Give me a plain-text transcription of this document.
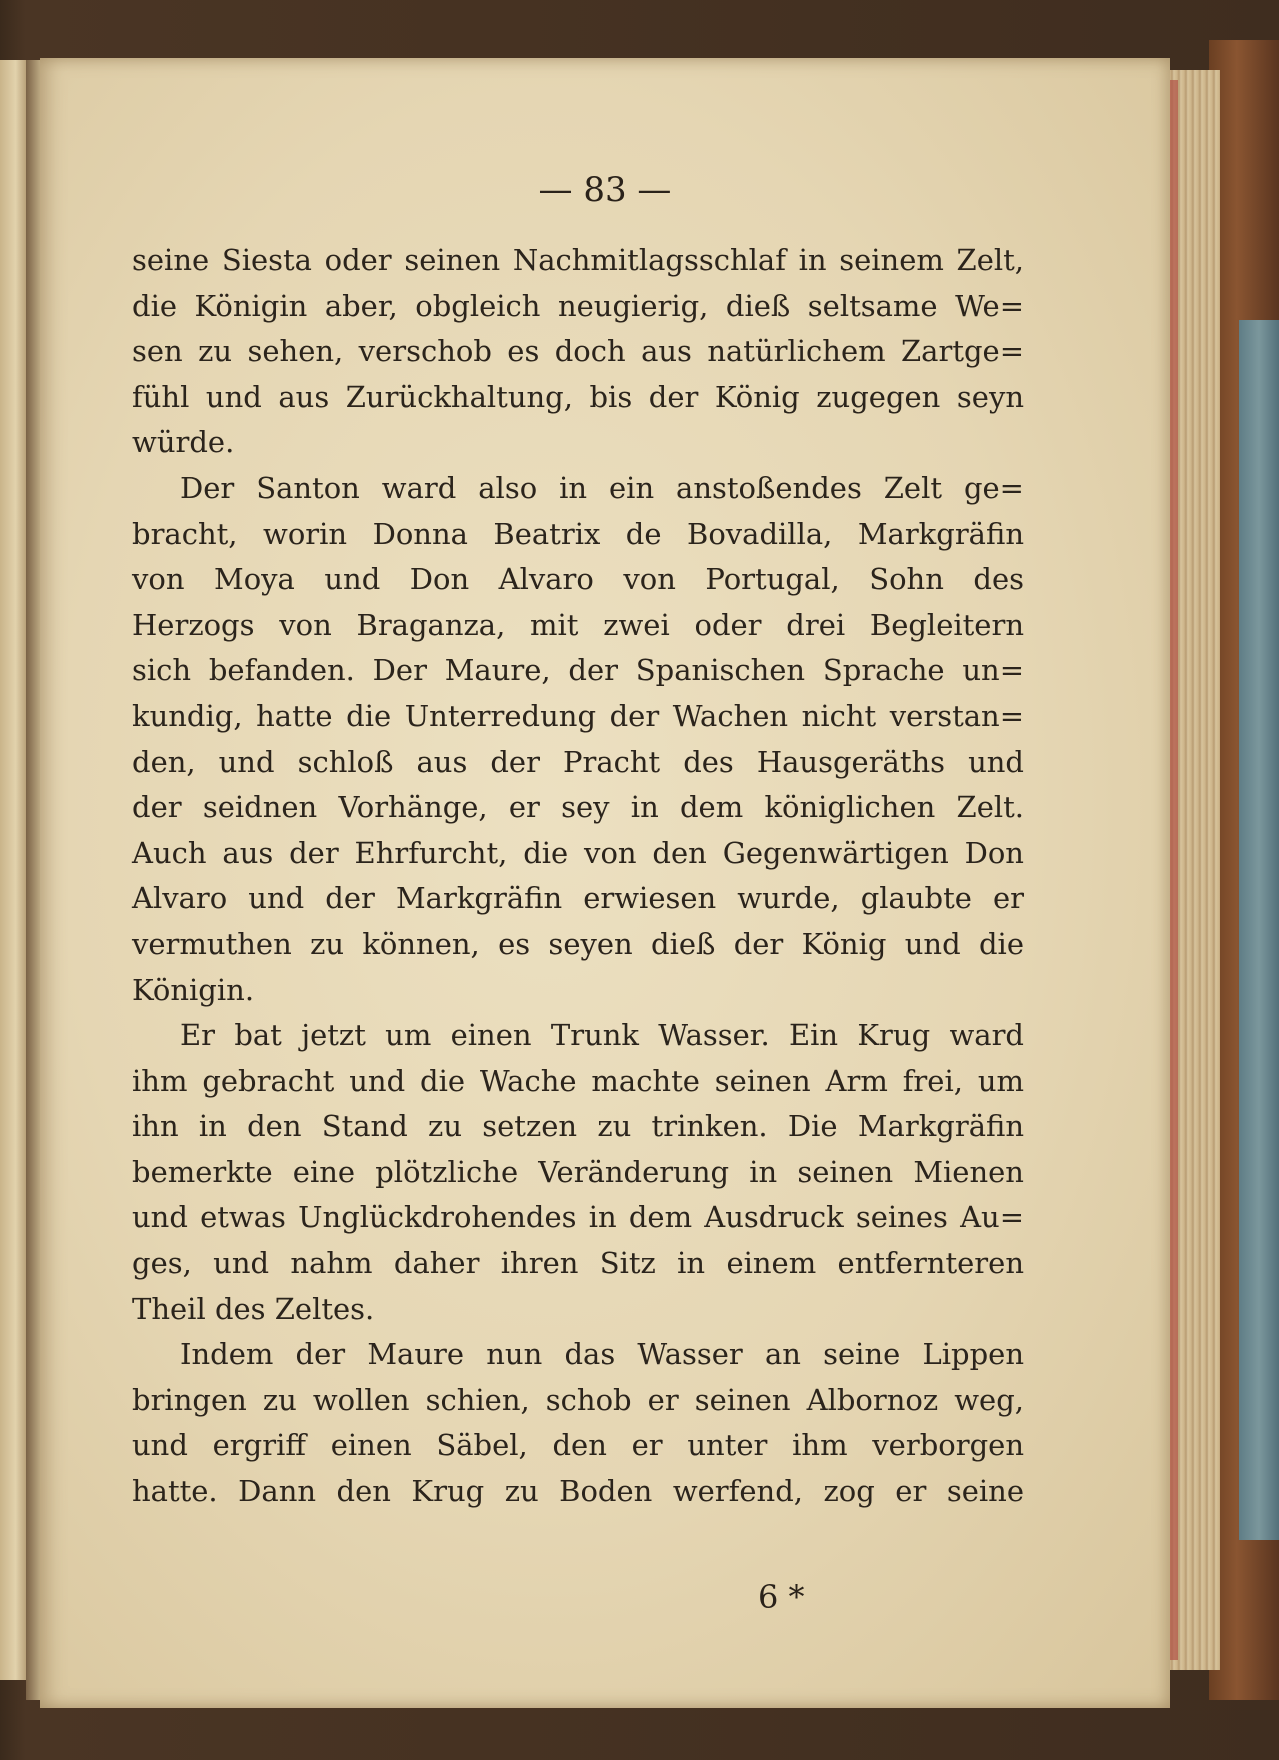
— 83 —

seine Siesta oder seinen Nachmitlagsschlaf in seinem Zelt,

die Königin aber, obgleich neugierig, dieß seltsame We=

sen zu sehen, verschob es doch aus natürlichem Zartge=

fühl und aus Zurückhaltung, bis der König zugegen seyn

würde.

Der Santon ward also in ein anstoßendes Zelt ge=

bracht, worin Donna Beatrix de Bovadilla, Markgräfin

von Moya und Don Alvaro von Portugal, Sohn des

Herzogs von Braganza, mit zwei oder drei Begleitern

sich befanden. Der Maure, der Spanischen Sprache un=

kundig, hatte die Unterredung der Wachen nicht verstan=

den, und schloß aus der Pracht des Hausgeräths und

der seidnen Vorhänge, er sey in dem königlichen Zelt.

Auch aus der Ehrfurcht, die von den Gegenwärtigen Don

Alvaro und der Markgräfin erwiesen wurde, glaubte er

vermuthen zu können, es seyen dieß der König und die

Königin.

Er bat jetzt um einen Trunk Wasser. Ein Krug ward

ihm gebracht und die Wache machte seinen Arm frei, um

ihn in den Stand zu setzen zu trinken. Die Markgräfin

bemerkte eine plötzliche Veränderung in seinen Mienen

und etwas Unglückdrohendes in dem Ausdruck seines Au=

ges, und nahm daher ihren Sitz in einem entfernteren

Theil des Zeltes.

Indem der Maure nun das Wasser an seine Lippen

bringen zu wollen schien, schob er seinen Albornoz weg,

und ergriff einen Säbel, den er unter ihm verborgen

hatte. Dann den Krug zu Boden werfend, zog er seine

6 *
